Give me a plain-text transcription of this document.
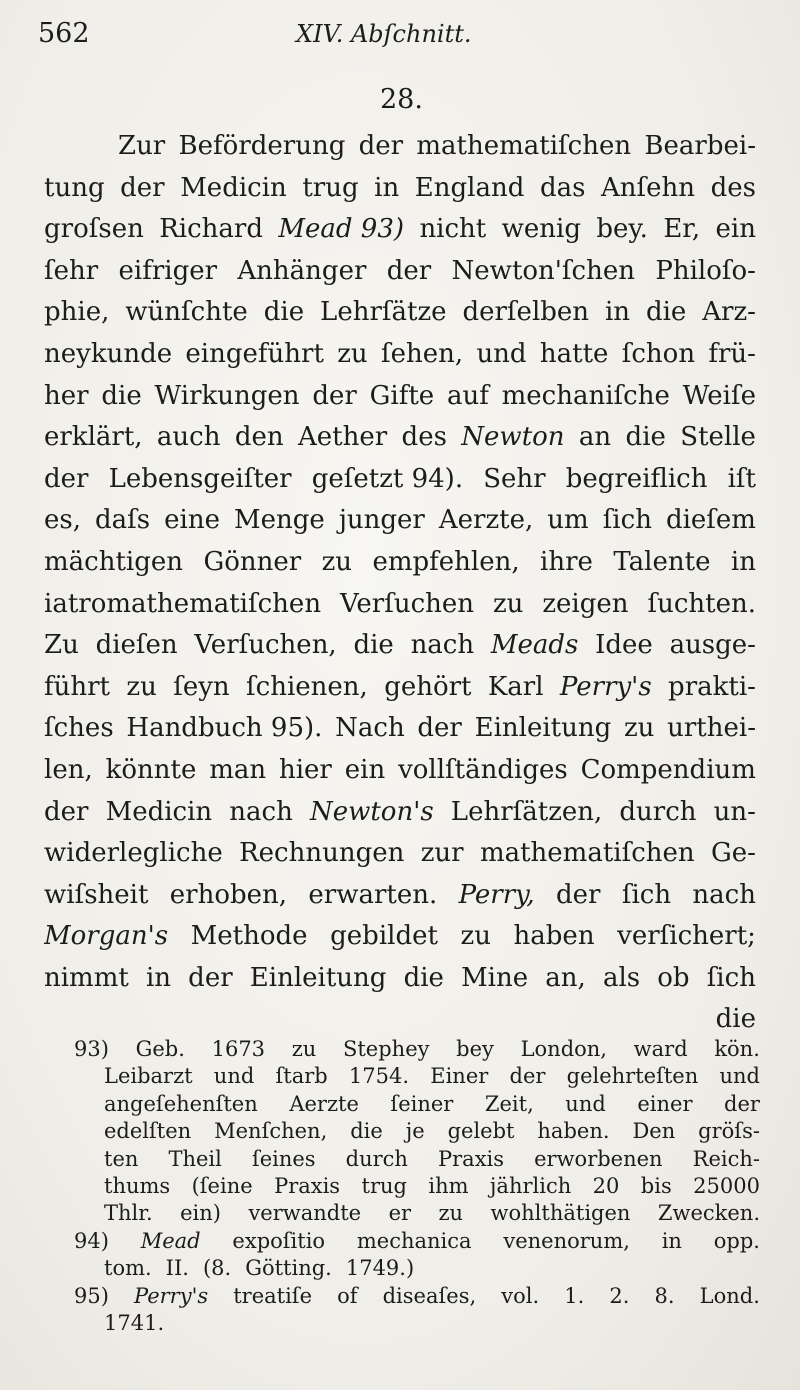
562	XIV. Abſchnitt.
28.
Zur Beförderung der mathematiſchen Bearbei-
tung der Medicin trug in England das Anſehn des
groſsen Richard Mead 93) nicht wenig bey. Er, ein
ſehr eifriger Anhänger der Newton'ſchen Philoſo-
phie, wünſchte die Lehrſätze derſelben in die Arz-
neykunde eingeführt zu ſehen, und hatte ſchon frü-
her die Wirkungen der Gifte auf mechaniſche Weiſe
erklärt, auch den Aether des Newton an die Stelle
der Lebensgeiſter geſetzt 94). Sehr begreiflich iſt
es, daſs eine Menge junger Aerzte, um ſich dieſem
mächtigen Gönner zu empfehlen, ihre Talente in
iatromathematiſchen Verſuchen zu zeigen ſuchten.
Zu dieſen Verſuchen, die nach Meads Idee ausge-
führt zu ſeyn ſchienen, gehört Karl Perry's prakti-
ſches Handbuch 95). Nach der Einleitung zu urthei-
len, könnte man hier ein vollſtändiges Compendium
der Medicin nach Newton's Lehrſätzen, durch un-
widerlegliche Rechnungen zur mathematiſchen Ge-
wiſsheit erhoben, erwarten. Perry, der ſich nach
Morgan's Methode gebildet zu haben verſichert;
nimmt in der Einleitung die Mine an, als ob ſich
die
93) Geb. 1673 zu Stephey bey London, ward kön.
Leibarzt und ſtarb 1754. Einer der gelehrteſten und
angeſehenſten Aerzte ſeiner Zeit, und einer der
edelſten Menſchen, die je gelebt haben. Den gröſs-
ten Theil ſeines durch Praxis erworbenen Reich-
thums (ſeine Praxis trug ihm jährlich 20 bis 25000
Thlr. ein) verwandte er zu wohlthätigen Zwecken.
94) Mead expoſitio mechanica venenorum, in opp.
tom. II. (8. Götting. 1749.)
95) Perry's treatiſe of diseaſes, vol. 1. 2. 8. Lond.
1741.
